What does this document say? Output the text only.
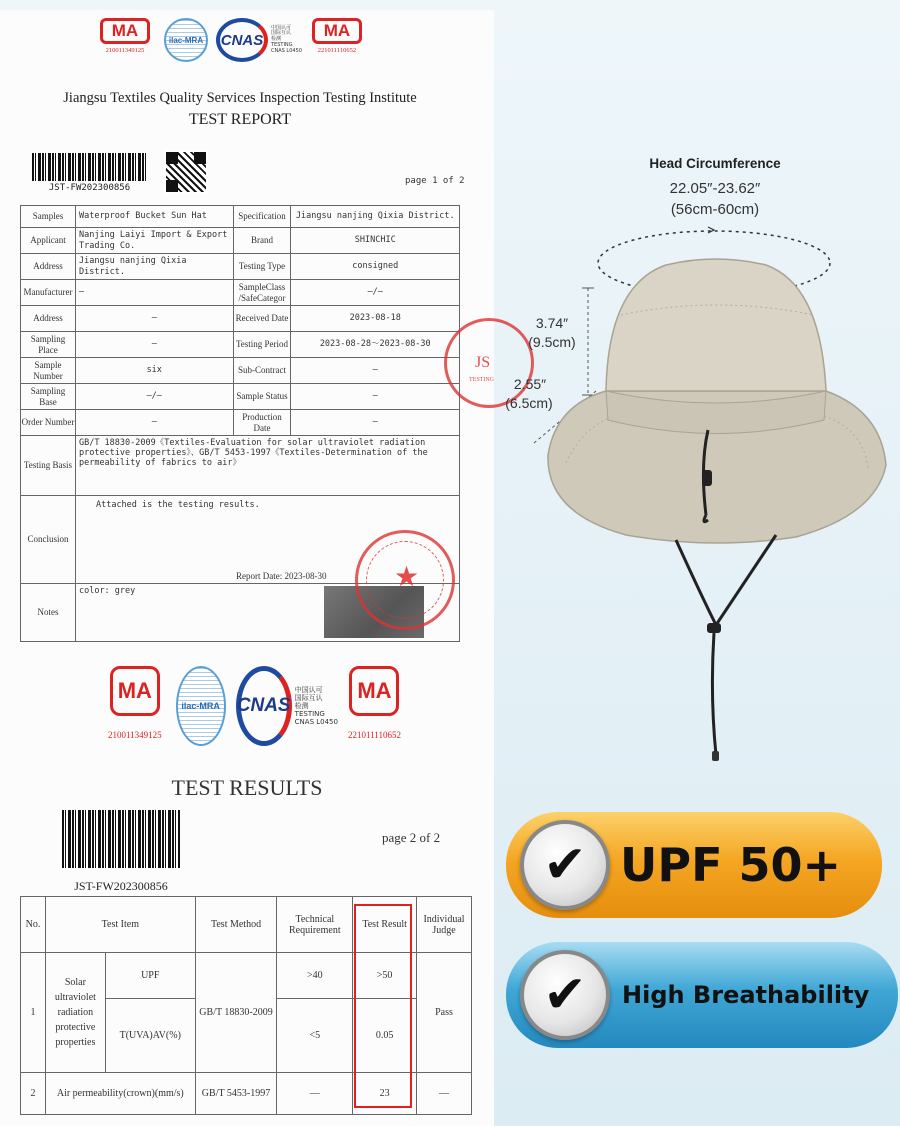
MA
210011349125
ilac-MRA	CNAS
中国认可
国际互认
检测
TESTING
CNAS L0450
MA
221011110652
Jiangsu Textiles Quality Services Inspection Testing Institute
TEST REPORT
JST-FW202300856
page 1 of 2
Samples	Waterproof Bucket Sun Hat	Specification	Jiangsu nanjing Qixia District.
Applicant	Nanjing Laiyi Import & Export Trading Co.	Brand	SHINCHIC
Address	Jiangsu nanjing Qixia District.	Testing Type	consigned
Manufacturer	—	SampleClass /SafeCategor	—/—
Address	—	Received Date	2023-08-18
Sampling Place	—	Testing Period	2023-08-28～2023-08-30
Sample Number	six	Sub-Contract	—
Sampling Base	—/—	Sample Status	—
Order Number	—	Production Date	—
Testing Basis	GB/T 18830-2009《Textiles-Evaluation for solar ultraviolet radiation protective properties》、GB/T 5453-1997《Textiles-Determination of the permeability of fabrics to air》		
Conclusion	Attached is the testing results.
Report Date: 2023-08-30		

Notes	color: grey			★
JS
TESTING
MA
210011349125
ilac-MRA CNAS
中国认可
国际互认
检测
TESTING
CNAS L0450
MA
221011110652
TEST RESULTS
JST-FW202300856
page 2 of 2
No.	Test Item		Test Method	Technical Requirement	Test Result	Individual Judge
1	Solar ultraviolet radiation protective properties	UPF	GB/T 18830-2009	>40	>50	Pass
		T(UVA)AV(%)		<5	0.05	
2	Air permeability(crown)(mm/s)		GB/T 5453-1997	—	23	—
Head Circumference
22.05″-23.62″
(56cm-60cm)
3.74″
(9.5cm)
2.55″
(6.5cm)
✔ UPF 50+
✔ High Breathability
